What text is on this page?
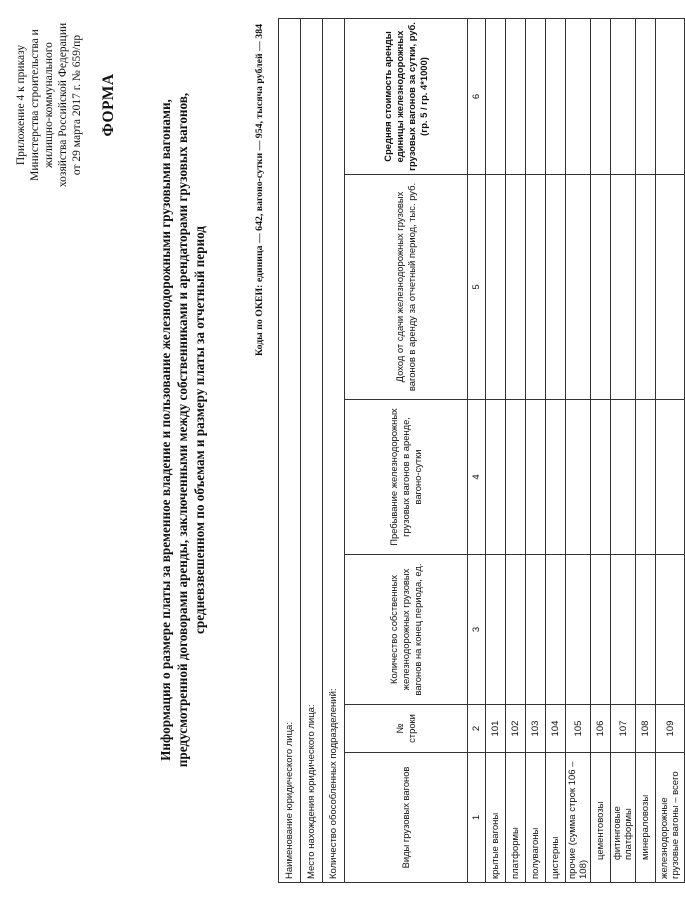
Приложение 4 к приказу Министерства строительства и жилищно-коммунального хозяйства Российской Федерации от 29 марта 2017 г. № 659/пр ФОРМА	Информация о размере платы за временное владение и пользование железнодорожными грузовыми вагонами, предусмотренной договорами аренды, заключенными между собственниками и арендаторами грузовых вагонов, средневзвешенном по объемам и размеру платы за отчетный период
Коды по ОКЕИ: единица — 642, вагоно-сутки — 954, тысяча рублей — 384
Наименование юридического лица:					
Место нахождения юридического лица:					
Количество обособленных подразделений:					
Виды грузовых вагонов	№ строки	Количество собственных железнодорожных грузовых вагонов на конец периода, ед.	Пребывание железнодорожных грузовых вагонов в аренде, вагоно-сутки	Доход от сдачи железнодорожных грузовых вагонов в аренду за отчетный период, тыс. руб.	Средняя стоимость аренды единицы железнодорожных грузовых вагонов за сутки, руб. (гр. 5 / гр. 4*1000)
1	2	3	4	5	6
крытые вагоны	101				
платформы	102				
полувагоны	103				
цистерны	104				
прочие (сумма строк 106 – 108)	105				
цементовозы	106				
фитинговые платформы	107				
минераловозы	108				
железнодорожные грузовые вагоны – всего	109				
